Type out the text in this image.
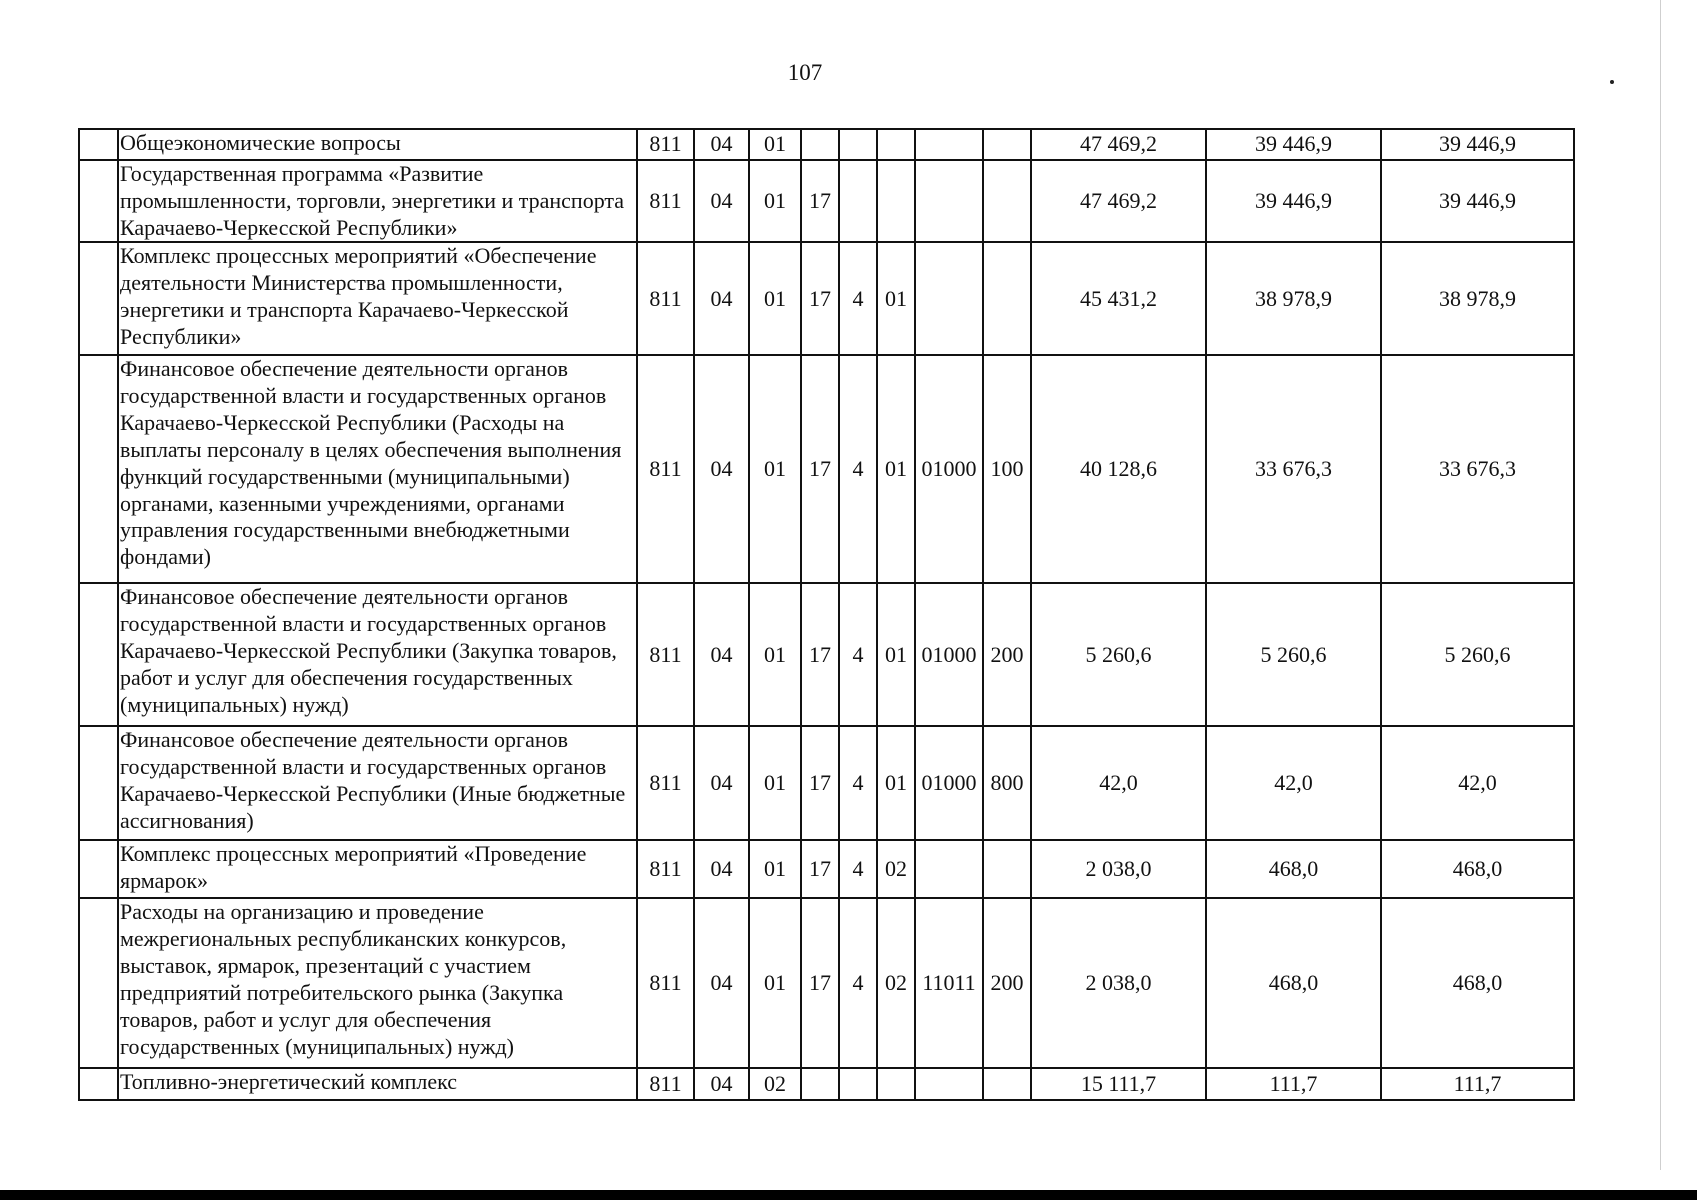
107
	Общеэкономические вопросы	811	04	01						47 469,2	39 446,9	39 446,9
	Государственная программа «Развитие промышленности, торговли, энергетики и транспорта Карачаево-Черкесской Республики»	811	04	01	17					47 469,2	39 446,9	39 446,9
	Комплекс процессных мероприятий «Обеспечение деятельности Министерства промышленности, энергетики и транспорта Карачаево-Черкесской Республики»	811	04	01	17	4	01			45 431,2	38 978,9	38 978,9
	Финансовое обеспечение деятельности органов государственной власти и государственных органов Карачаево-Черкесской Республики (Расходы на выплаты персоналу в целях обеспечения выполнения функций государственными (муниципальными) органами, казенными учреждениями, органами управления государственными внебюджетными фондами)	811	04	01	17	4	01	01000	100	40 128,6	33 676,3	33 676,3
	Финансовое обеспечение деятельности органов государственной власти и государственных органов Карачаево-Черкесской Республики (Закупка товаров, работ и услуг для обеспечения государственных (муниципальных) нужд)	811	04	01	17	4	01	01000	200	5 260,6	5 260,6	5 260,6
	Финансовое обеспечение деятельности органов государственной власти и государственных органов Карачаево-Черкесской Республики (Иные бюджетные ассигнования)	811	04	01	17	4	01	01000	800	42,0	42,0	42,0
	Комплекс процессных мероприятий «Проведение ярмарок»	811	04	01	17	4	02			2 038,0	468,0	468,0
	Расходы на организацию и проведение межрегиональных республиканских конкурсов, выставок, ярмарок, презентаций с участием предприятий потребительского рынка (Закупка товаров, работ и услуг для обеспечения государственных (муниципальных) нужд)	811	04	01	17	4	02	11011	200	2 038,0	468,0	468,0
	Топливно-энергетический комплекс	811	04	02						15 111,7	111,7	111,7
